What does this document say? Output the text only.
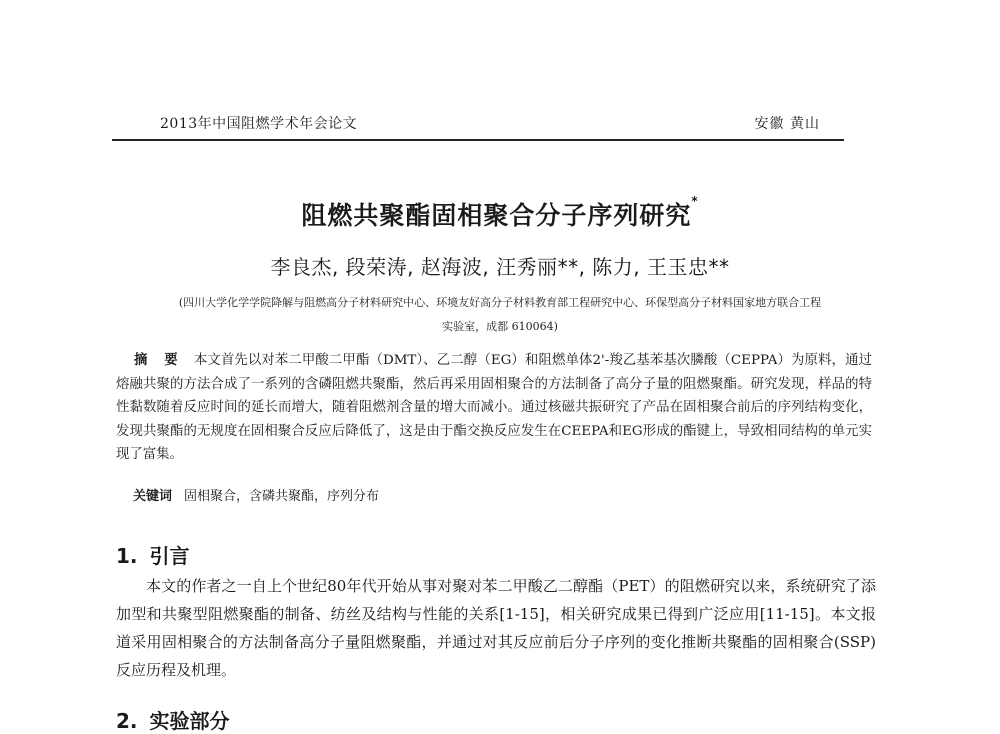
2013年中国阻燃学术年会论文	安徽 黄山
阻燃共聚酯固相聚合分子序列研究*
李良杰, 段荣涛, 赵海波, 汪秀丽**, 陈力, 王玉忠**
(四川大学化学学院降解与阻燃高分子材料研究中心、环境友好高分子材料教育部工程研究中心、环保型高分子材料国家地方联合工程
实验室，成都 610064)
摘 要 本文首先以对苯二甲酸二甲酯（DMT）、乙二醇（EG）和阻燃单体2'-羧乙基苯基次膦酸（CEPPA）为原料，通过熔融共聚的方法合成了一系列的含磷阻燃共聚酯，然后再采用固相聚合的方法制备了高分子量的阻燃聚酯。研究发现，样品的特性黏数随着反应时间的延长而增大，随着阻燃剂含量的增大而减小。通过核磁共振研究了产品在固相聚合前后的序列结构变化，发现共聚酯的无规度在固相聚合反应后降低了，这是由于酯交换反应发生在CEEPA和EG形成的酯键上，导致相同结构的单元实现了富集。
关键词 固相聚合，含磷共聚酯，序列分布
1. 引言
本文的作者之一自上个世纪80年代开始从事对聚对苯二甲酸乙二醇酯（PET）的阻燃研究以来，系统研究了添加型和共聚型阻燃聚酯的制备、纺丝及结构与性能的关系[1-15]，相关研究成果已得到广泛应用[11-15]。本文报道采用固相聚合的方法制备高分子量阻燃聚酯，并通过对其反应前后分子序列的变化推断共聚酯的固相聚合(SSP)反应历程及机理。
2. 实验部分
